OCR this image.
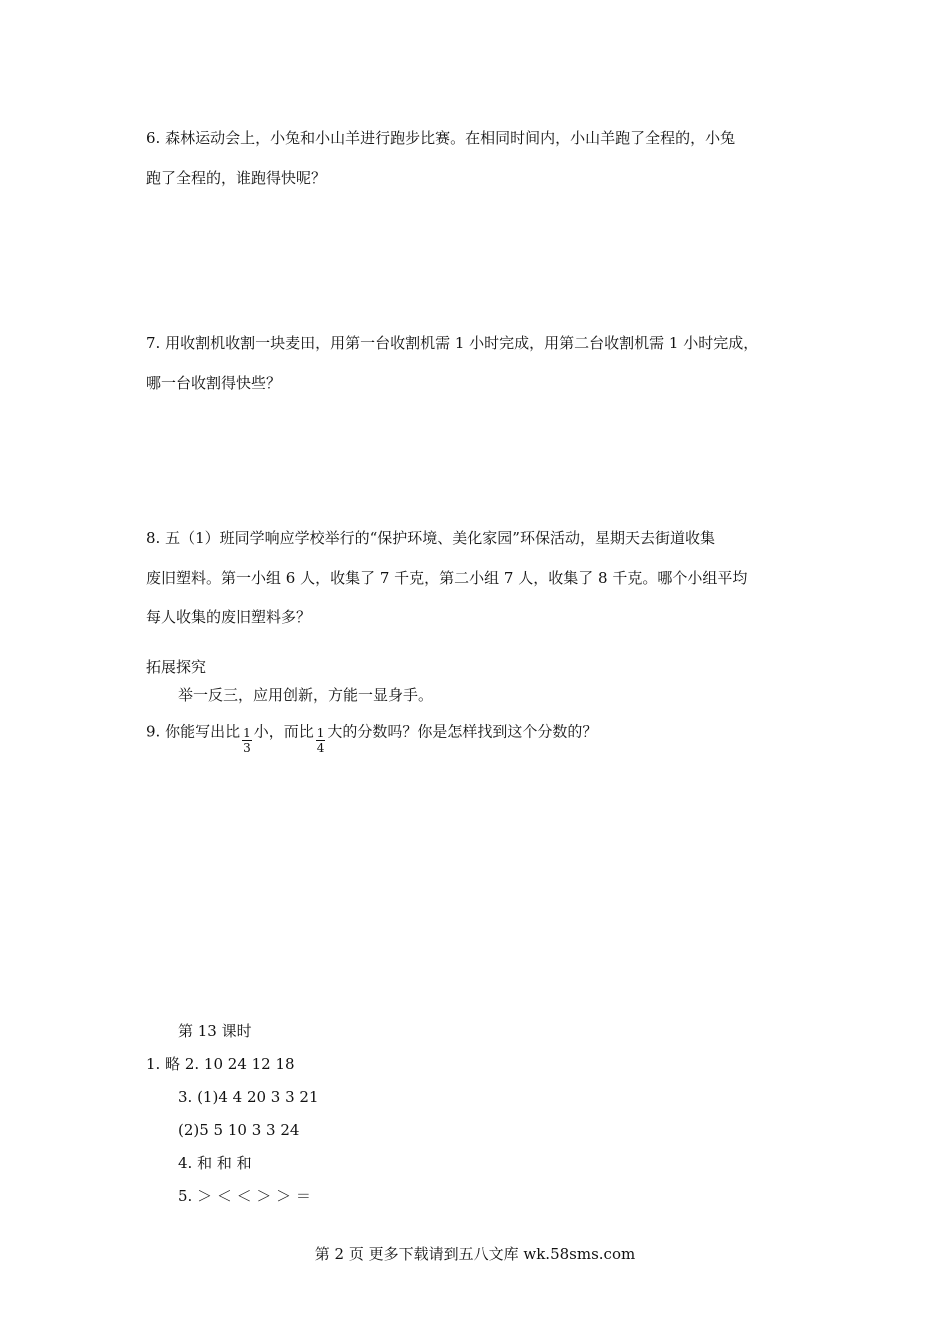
6. 森林运动会上，小兔和小山羊进行跑步比赛。在相同时间内，小山羊跑了全程的，小兔
跑了全程的，谁跑得快呢？
7. 用收割机收割一块麦田，用第一台收割机需 1 小时完成，用第二台收割机需 1 小时完成，
哪一台收割得快些？
8. 五（1）班同学响应学校举行的“保护环境、美化家园”环保活动，星期天去街道收集
废旧塑料。第一小组 6 人，收集了 7 千克，第二小组 7 人，收集了 8 千克。哪个小组平均
每人收集的废旧塑料多？
拓展探究
举一反三，应用创新，方能一显身手。
9. 你能写出比 $\frac{1}{3}$ 小，而比 $\frac{1}{4}$ 大的分数吗？你是怎样找到这个分数的？
第 13 课时
1. 略 2. 10 24 12 18
3. (1)4 4 20 3 3 21
(2)5 5 10 3 3 24
4. 和 和 和
5. ＞ ＜ ＜ ＞ ＞ ＝
第 2 页 更多下载请到五八文库 wk.58sms.com
